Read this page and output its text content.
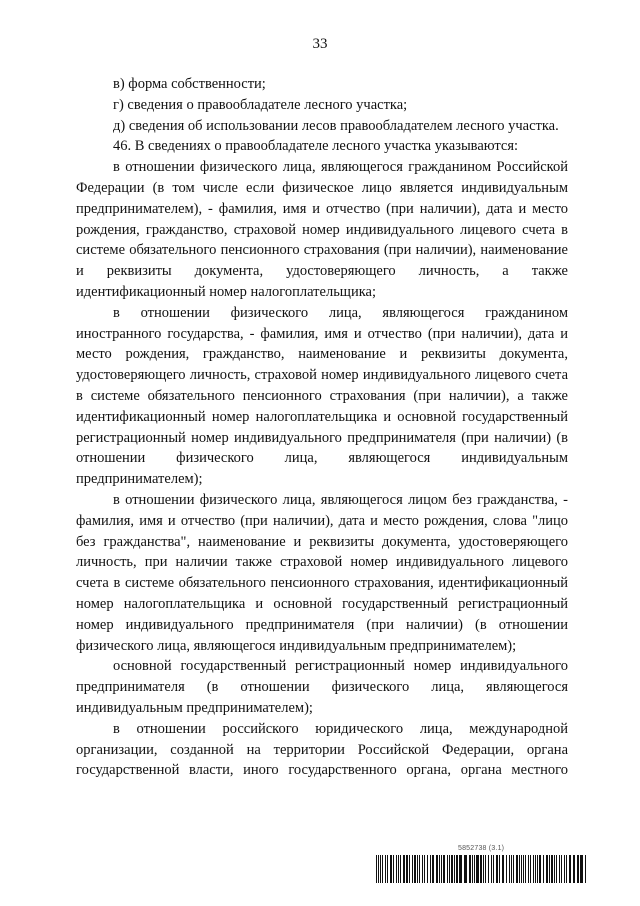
33

в) форма собственности;

г) сведения о правообладателе лесного участка;

д) сведения об использовании лесов правообладателем лесного участка.

46. В сведениях о правообладателе лесного участка указываются:

в отношении физического лица, являющегося гражданином Российской Федерации (в том числе если физическое лицо является индивидуальным предпринимателем), - фамилия, имя и отчество (при наличии), дата и место рождения, гражданство, страховой номер индивидуального лицевого счета в системе обязательного пенсионного страхования (при наличии), наименование и реквизиты документа, удостоверяющего личность, а также идентификационный номер налогоплательщика;

в отношении физического лица, являющегося гражданином иностранного государства, - фамилия, имя и отчество (при наличии), дата и место рождения, гражданство, наименование и реквизиты документа, удостоверяющего личность, страховой номер индивидуального лицевого счета в системе обязательного пенсионного страхования (при наличии), а также идентификационный номер налогоплательщика и основной государственный регистрационный номер индивидуального предпринимателя (при наличии) (в отношении физического лица, являющегося индивидуальным предпринимателем);

в отношении физического лица, являющегося лицом без гражданства, - фамилия, имя и отчество (при наличии), дата и место рождения, слова "лицо без гражданства", наименование и реквизиты документа, удостоверяющего личность, при наличии также страховой номер индивидуального лицевого счета в системе обязательного пенсионного страхования, идентификационный номер налогоплательщика и основной государственный регистрационный номер индивидуального предпринимателя (при наличии) (в отношении физического лица, являющегося индивидуальным предпринимателем);

основной государственный регистрационный номер индивидуального предпринимателя (в отношении физического лица, являющегося индивидуальным предпринимателем);

в отношении российского юридического лица, международной организации, созданной на территории Российской Федерации, органа государственной власти, иного государственного органа, органа местного

5852738 (3.1)
